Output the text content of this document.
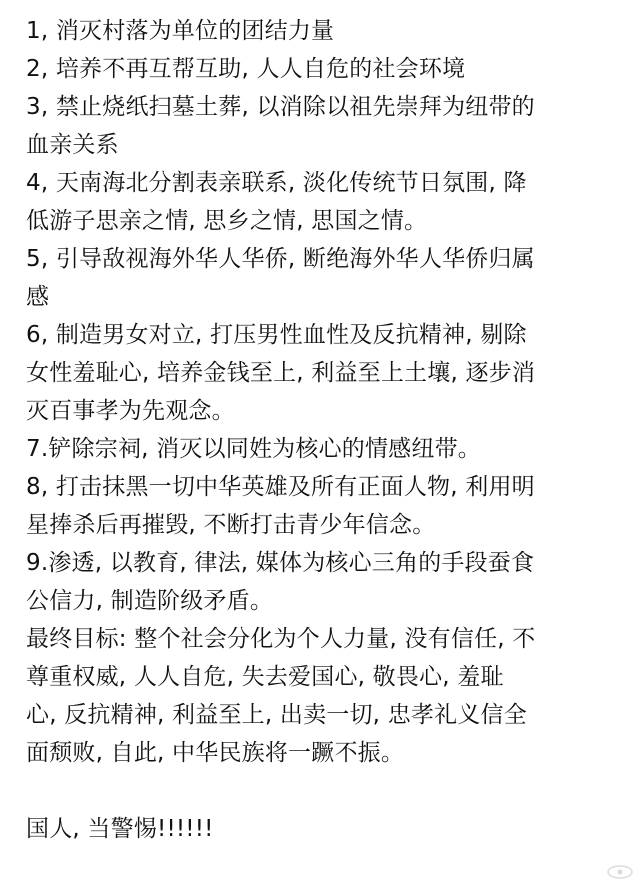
1, 消灭村落为单位的团结力量
2, 培养不再互帮互助, 人人自危的社会环境
3, 禁止烧纸扫墓土葬, 以消除以祖先崇拜为纽带的
血亲关系
4, 天南海北分割表亲联系, 淡化传统节日氛围, 降
低游子思亲之情, 思乡之情, 思国之情。
5, 引导敌视海外华人华侨, 断绝海外华人华侨归属
感
6, 制造男女对立, 打压男性血性及反抗精神, 剔除
女性羞耻心, 培养金钱至上, 利益至上土壤, 逐步消
灭百事孝为先观念。
7.铲除宗祠, 消灭以同姓为核心的情感纽带。
8, 打击抹黑一切中华英雄及所有正面人物, 利用明
星捧杀后再摧毁, 不断打击青少年信念。
9.渗透, 以教育, 律法, 媒体为核心三角的手段蚕食
公信力, 制造阶级矛盾。
最终目标: 整个社会分化为个人力量, 没有信任, 不
尊重权威, 人人自危, 失去爱国心, 敬畏心, 羞耻
心, 反抗精神, 利益至上, 出卖一切, 忠孝礼义信全
面颓败, 自此, 中华民族将一蹶不振。
国人, 当警惕!!!!!!
